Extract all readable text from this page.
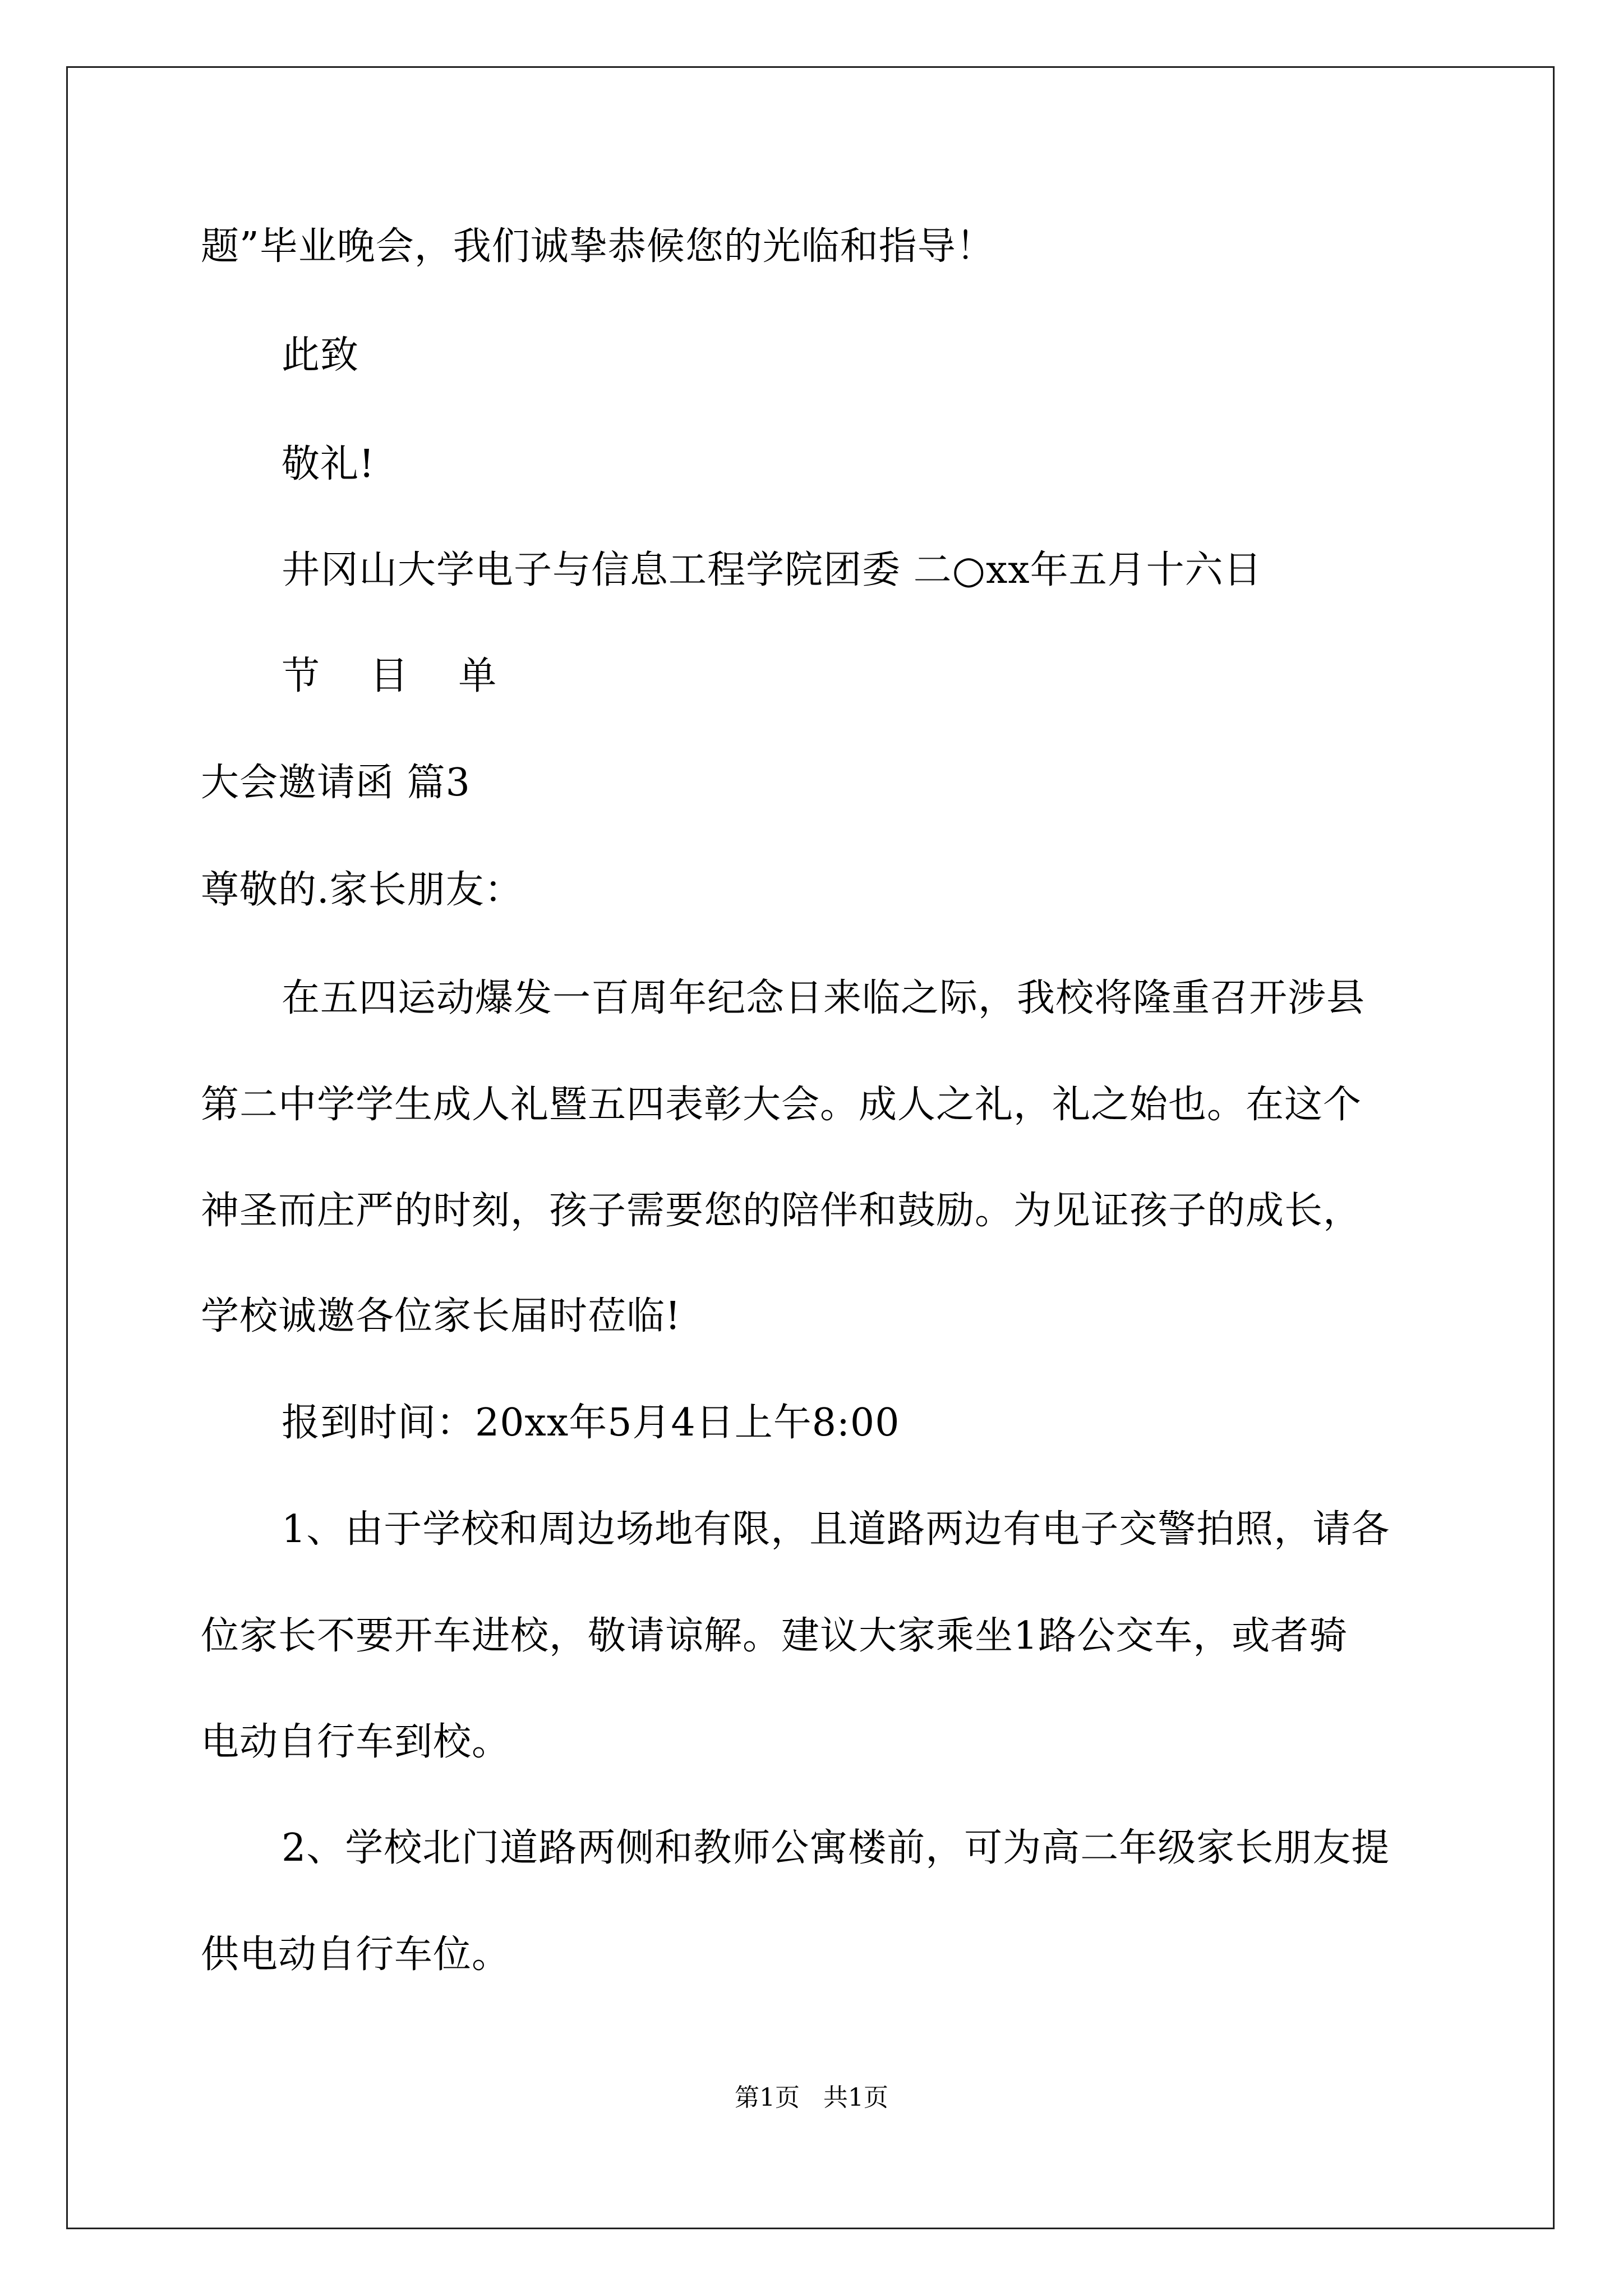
题”毕业晚会，我们诚挚恭候您的光临和指导！
此致
敬礼!
井冈山大学电子与信息工程学院团委 二○xx年五月十六日
节 目 单
大会邀请函 篇3
尊敬的.家长朋友：
在五四运动爆发一百周年纪念日来临之际，我校将隆重召开涉县
第二中学学生成人礼暨五四表彰大会。成人之礼，礼之始也。在这个
神圣而庄严的时刻，孩子需要您的陪伴和鼓励。为见证孩子的成长，
学校诚邀各位家长届时莅临!
报到时间：20xx年5月4日上午8:00
1、由于学校和周边场地有限，且道路两边有电子交警拍照，请各
位家长不要开车进校，敬请谅解。建议大家乘坐1路公交车，或者骑
电动自行车到校。
2、学校北门道路两侧和教师公寓楼前，可为高二年级家长朋友提
供电动自行车位。
第1页   共1页
